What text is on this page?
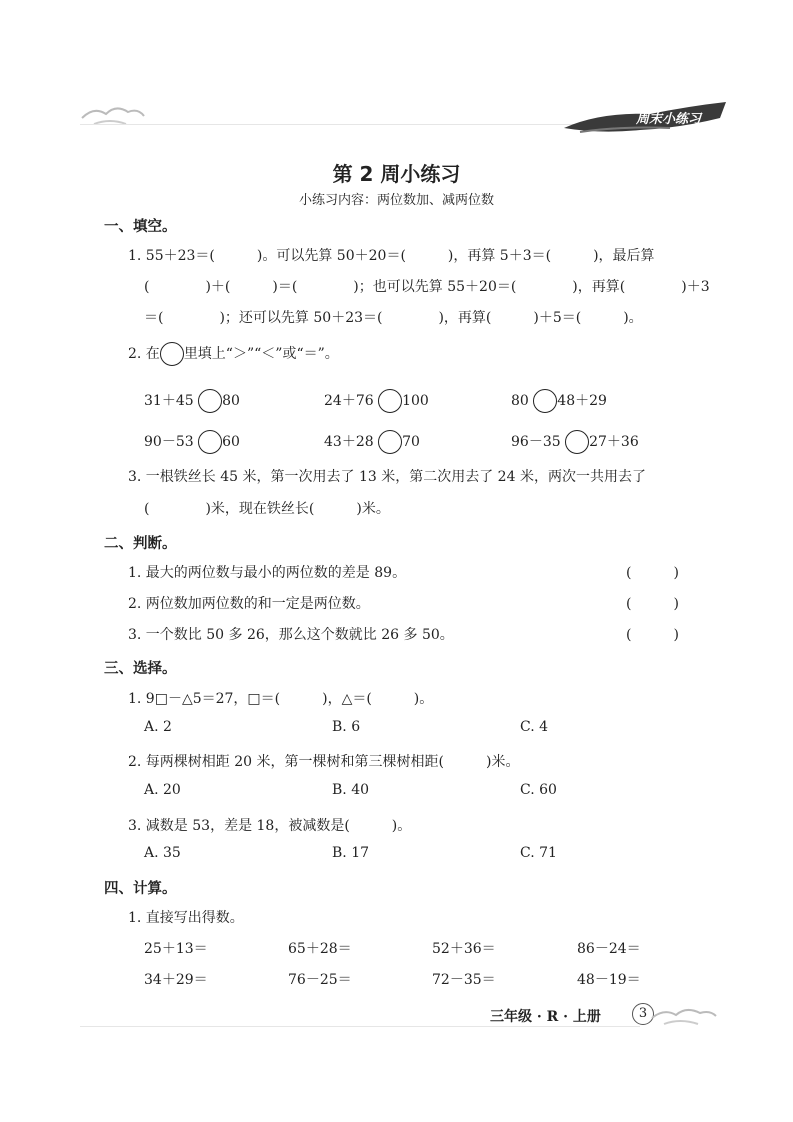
周末小练习
第 2 周小练习
小练习内容：两位数加、减两位数
一、填空。
1. 55＋23＝(　　　)。可以先算 50＋20＝(　　　)，再算 5＋3＝(　　　)，最后算
(　　　　)＋(　　　)＝(　　　　)；也可以先算 55＋20＝(　　　　)，再算(　　　　)＋3
＝(　　　　)；还可以先算 50＋23＝(　　　　)，再算(　　　)＋5＝(　　　)。
2. 在 里填上“＞”“＜”或“＝”。
31＋45 80	24＋76 100	80 48＋29
90－53 60	43＋28 70	96－35 27＋36
3. 一根铁丝长 45 米，第一次用去了 13 米，第二次用去了 24 米，两次一共用去了
(　　　　)米，现在铁丝长(　　　)米。
二、判断。
1. 最大的两位数与最小的两位数的差是 89。	(　　　)
2. 两位数加两位数的和一定是两位数。	(　　　)
3. 一个数比 50 多 26，那么这个数就比 26 多 50。	(　　　)
三、选择。
1. 9□－△5＝27，□＝(　　　)，△＝(　　　)。
A. 2	B. 6	C. 4
2. 每两棵树相距 20 米，第一棵树和第三棵树相距(　　　)米。
A. 20	B. 40	C. 60
3. 减数是 53，差是 18，被减数是(　　　)。
A. 35	B. 17	C. 71
四、计算。
1. 直接写出得数。
25＋13＝	65＋28＝	52＋36＝	86－24＝
34＋29＝	76－25＝	72－35＝	48－19＝
三年级 · R · 上册	3
